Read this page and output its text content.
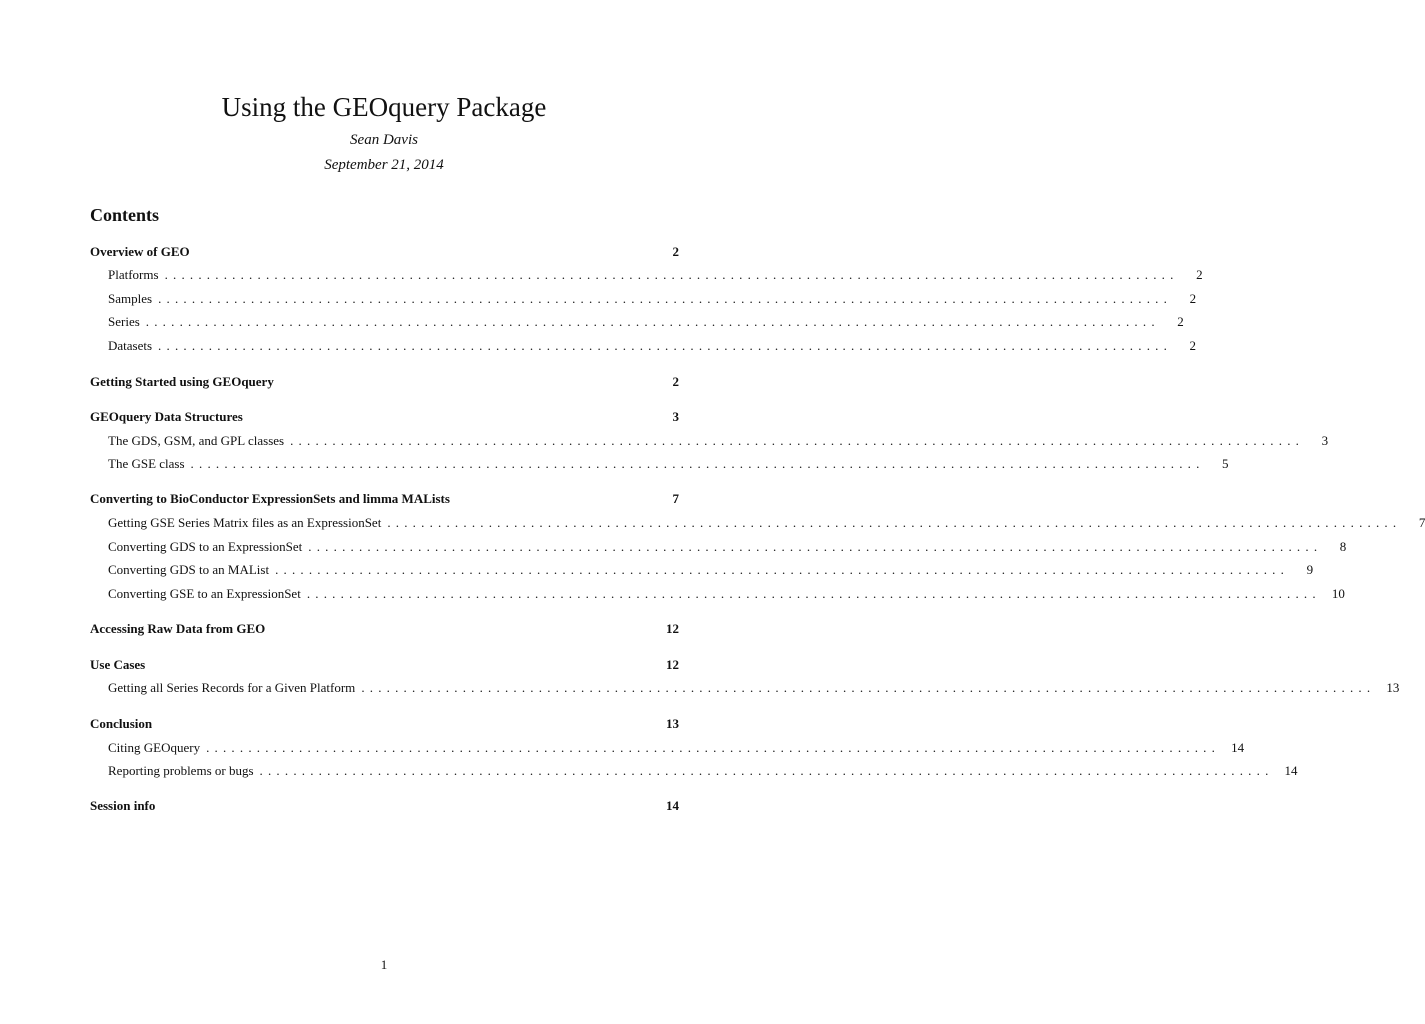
Using the GEOquery Package
Sean Davis
September 21, 2014
Contents
Overview of GEO	2
Platforms ........................................................................................................................	2
Samples ........................................................................................................................	2
Series ........................................................................................................................	2
Datasets ........................................................................................................................	2
Getting Started using GEOquery	2
GEOquery Data Structures	3
The GDS, GSM, and GPL classes ........................................................................................................................	3
The GSE class ........................................................................................................................	5
Converting to BioConductor ExpressionSets and limma MALists	7
Getting GSE Series Matrix files as an ExpressionSet ........................................................................................................................	7
Converting GDS to an ExpressionSet ........................................................................................................................	8
Converting GDS to an MAList ........................................................................................................................	9
Converting GSE to an ExpressionSet ........................................................................................................................ 10
Accessing Raw Data from GEO	12
Use Cases	12
Getting all Series Records for a Given Platform ........................................................................................................................ 13
Conclusion	13
Citing GEOquery ........................................................................................................................ 14
Reporting problems or bugs ........................................................................................................................ 14
Session info	14
1
